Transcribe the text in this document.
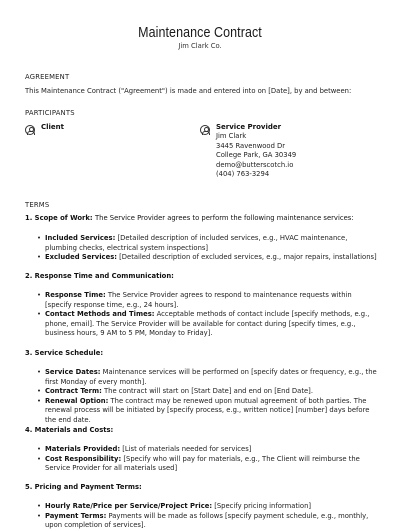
Maintenance Contract
Jim Clark Co.
AGREEMENT
This Maintenance Contract ("Agreement") is made and entered into on [Date], by and between:
PARTICIPANTS
Client	Service Provider
Jim Clark
3445 Ravenwood Dr
College Park, GA 30349
demo@butterscotch.io
(404) 763-3294
TERMS
1. Scope of Work: The Service Provider agrees to perform the following maintenance services:
• Included Services: [Detailed description of included services, e.g., HVAC maintenance, plumbing checks, electrical system inspections]
• Excluded Services: [Detailed description of excluded services, e.g., major repairs, installations]
2. Response Time and Communication:
• Response Time: The Service Provider agrees to respond to maintenance requests within [specify response time, e.g., 24 hours].
• Contact Methods and Times: Acceptable methods of contact include [specify methods, e.g., phone, email]. The Service Provider will be available for contact during [specify times, e.g., business hours, 9 AM to 5 PM, Monday to Friday].
3. Service Schedule:
• Service Dates: Maintenance services will be performed on [specify dates or frequency, e.g., the first Monday of every month].
• Contract Term: The contract will start on [Start Date] and end on [End Date].
• Renewal Option: The contract may be renewed upon mutual agreement of both parties. The renewal process will be initiated by [specify process, e.g., written notice] [number] days before the end date.
4. Materials and Costs:
• Materials Provided: [List of materials needed for services]
• Cost Responsibility: [Specify who will pay for materials, e.g., The Client will reimburse the Service Provider for all materials used]
5. Pricing and Payment Terms:
• Hourly Rate/Price per Service/Project Price: [Specify pricing information]
• Payment Terms: Payments will be made as follows [specify payment schedule, e.g., monthly, upon completion of services].
